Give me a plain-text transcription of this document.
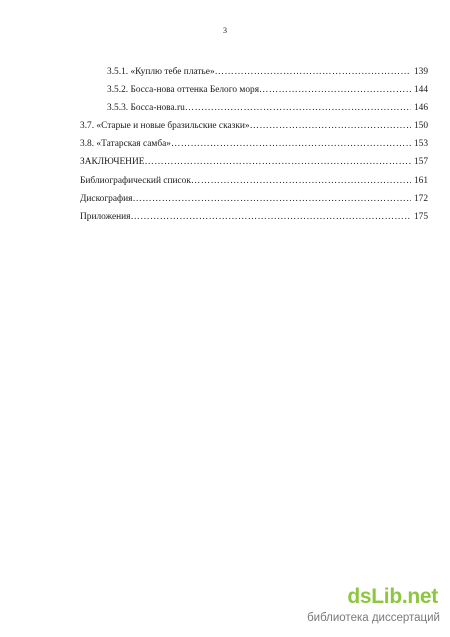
3
3.5.1. «Куплю тебе платье» ………………………………………………………………………………………………………………………	139
3.5.2. Босса-нова оттенка Белого моря ………………………………………………………………………………………………………………………	144
3.5.3. Босса-нова.ru ………………………………………………………………………………………………………………………	146
3.7. «Старые и новые бразильские сказки» ………………………………………………………………………………………………………………………	150
3.8. «Татарская самба» ………………………………………………………………………………………………………………………	153
ЗАКЛЮЧЕНИЕ ………………………………………………………………………………………………………………………	157
Библиографический список ………………………………………………………………………………………………………………………	161
Дискография ………………………………………………………………………………………………………………………	172
Приложения ………………………………………………………………………………………………………………………	175
dsLib.net
библиотека диссертаций
